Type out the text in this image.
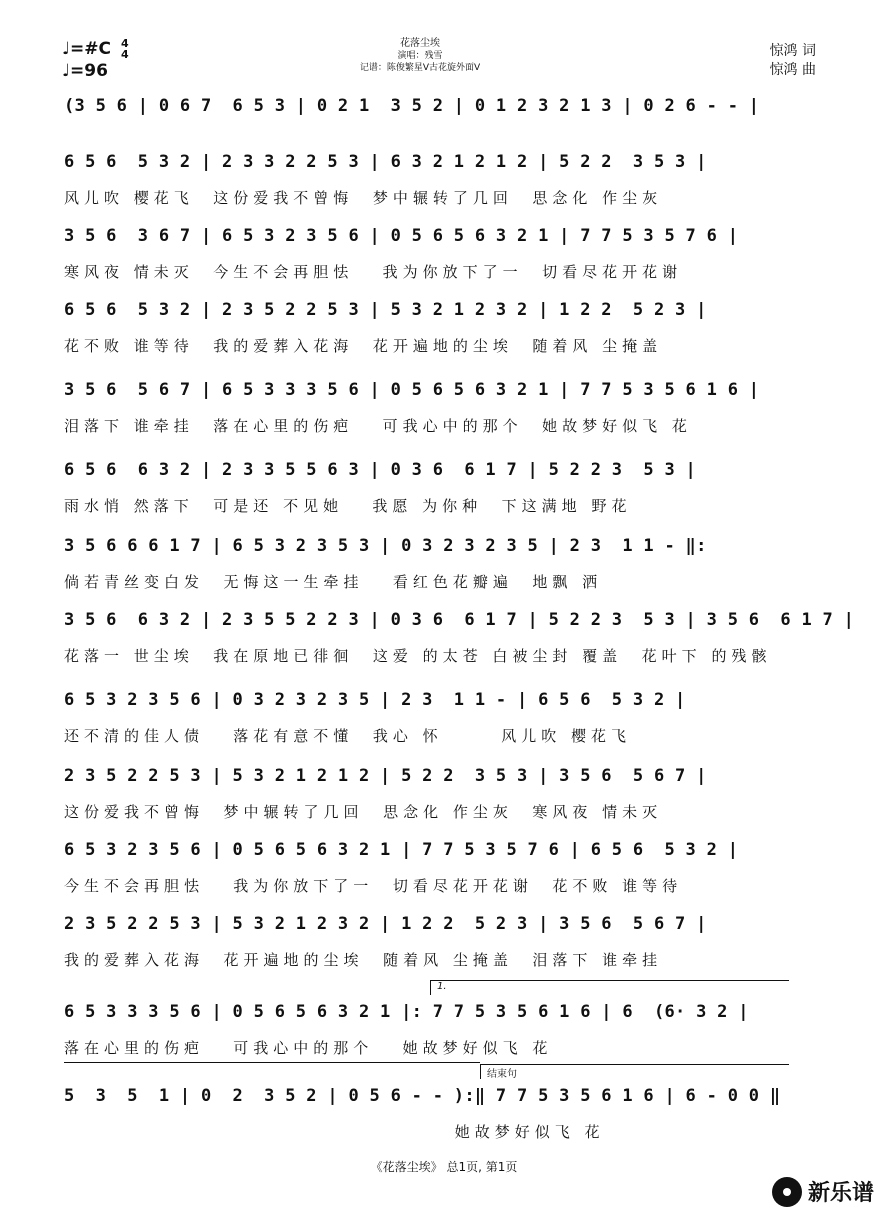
♩=#C 4
4
♩=96
花落尘埃
演唱：残雪
记谱：陈俊繁星V古花旋外面V
惊鸿 词
惊鸿 曲
(3 5 6 | 0 6 7  6 5 3 | 0 2 1  3 5 2 | 0 1 2 3 2 1 3 | 0 2 6 - - |
6 5 6  5 3 2 | 2 3 3 2 2 5 3 | 6 3 2 1 2 1 2 | 5 2 2  3 5 3 |
风儿吹 樱花飞  这份爱我不曾悔  梦中辗转了几回  思念化 作尘灰
3 5 6  3 6 7 | 6 5 3 2 3 5 6 | 0 5 6 5 6 3 2 1 | 7 7 5 3 5 7 6 |
寒风夜 情未灭  今生不会再胆怯   我为你放下了一  切看尽花开花谢
6 5 6  5 3 2 | 2 3 5 2 2 5 3 | 5 3 2 1 2 3 2 | 1 2 2  5 2 3 |
花不败 谁等待  我的爱葬入花海  花开遍地的尘埃  随着风 尘掩盖
3 5 6  5 6 7 | 6 5 3 3 3 5 6 | 0 5 6 5 6 3 2 1 | 7 7 5 3 5 6 1 6 |
泪落下 谁牵挂  落在心里的伤疤   可我心中的那个  她故梦好似飞 花
6 5 6  6 3 2 | 2 3 3 5 5 6 3 | 0 3 6  6 1 7 | 5 2 2 3  5 3 |
雨水悄 然落下  可是还 不见她   我愿 为你种  下这满地 野花
3 5 6 6 6 1 7 | 6 5 3 2 3 5 3 | 0 3 2 3 2 3 5 | 2 3  1 1 - ‖:
倘若青丝变白发  无悔这一生牵挂   看红色花瓣遍  地飘 洒
3 5 6  6 3 2 | 2 3 5 5 2 2 3 | 0 3 6  6 1 7 | 5 2 2 3  5 3 | 3 5 6  6 1 7 |
花落一 世尘埃  我在原地已徘徊  这爱 的太苍 白被尘封 覆盖  花叶下 的残骸
6 5 3 2 3 5 6 | 0 3 2 3 2 3 5 | 2 3  1 1 - | 6 5 6  5 3 2 |
还不清的佳人债   落花有意不懂  我心 怀      风儿吹 樱花飞
2 3 5 2 2 5 3 | 5 3 2 1 2 1 2 | 5 2 2  3 5 3 | 3 5 6  5 6 7 |
这份爱我不曾悔  梦中辗转了几回  思念化 作尘灰  寒风夜 情未灭
6 5 3 2 3 5 6 | 0 5 6 5 6 3 2 1 | 7 7 5 3 5 7 6 | 6 5 6  5 3 2 |
今生不会再胆怯   我为你放下了一  切看尽花开花谢  花不败 谁等待
2 3 5 2 2 5 3 | 5 3 2 1 2 3 2 | 1 2 2  5 2 3 | 3 5 6  5 6 7 |
我的爱葬入花海  花开遍地的尘埃  随着风 尘掩盖  泪落下 谁牵挂
6 5 3 3 3 5 6 | 0 5 6 5 6 3 2 1 |: 7 7 5 3 5 6 1 6 | 6  (6· 3 2 |
落在心里的伤疤   可我心中的那个   她故梦好似飞 花
5  3  5  1 | 0  2  3 5 2 | 0 5 6 - - ):‖ 7 7 5 3 5 6 1 6 | 6 - 0 0 ‖
她故梦好似飞 花
1.
结束句
《花落尘埃》 总1页, 第1页
新乐谱
